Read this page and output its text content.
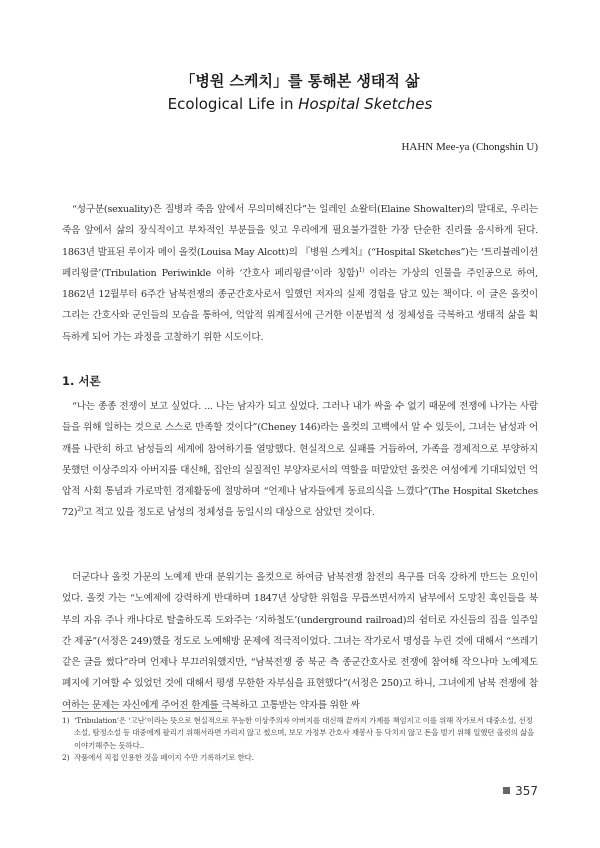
「병원 스케치」를 통해본 생태적 삶
Ecological Life in Hospital Sketches
HAHN Mee-ya (Chongshin U)

“성구분(sexuality)은 질병과 죽음 앞에서 무의미해진다”는 일레인 쇼왈터(Elaine Showalter)의 말대로, 우리는 죽음 앞에서 삶의 장식적이고 부차적인 부분들을 잊고 우리에게 필요불가결한 가장 단순한 진리를 응시하게 된다. 1863년 발표된 루이자 메이 올컷(Louisa May Alcott)의 『병원 스케치』(“Hospital Sketches”)는 ‘트리뷸레이션 페리윙클’(Tribulation Periwinkle 이하 ‘간호사 페리윙클’이라 칭함)$^{1)}$ 이라는 가상의 인물을 주인공으로 하여, 1862년 12월부터 6주간 남북전쟁의 종군간호사로서 일했던 저자의 실제 경험을 담고 있는 책이다. 이 글은 올컷이 그리는 간호사와 군인들의 모습을 통하여, 억압적 위계질서에 근거한 이분법적 성 정체성을 극복하고 생태적 삶을 획득하게 되어 가는 과정을 고찰하기 위한 시도이다.

1. 서론

“나는 종종 전쟁이 보고 싶었다. ... 나는 남자가 되고 싶었다. 그러나 내가 싸울 수 없기 때문에 전쟁에 나가는 사람들을 위해 일하는 것으로 스스로 만족할 것이다”(Cheney 146)라는 올컷의 고백에서 알 수 있듯이, 그녀는 남성과 어깨를 나란히 하고 남성들의 세계에 참여하기를 열망했다. 현실적으로 실패를 거듭하여, 가족을 경제적으로 부양하지 못했던 이상주의자 아버지를 대신해, 집안의 실질적인 부양자로서의 역할을 떠맡았던 올컷은 여성에게 기대되었던 억압적 사회 통념과 가로막힌 경제활동에 절망하며 “언제나 남자들에게 동료의식을 느꼈다”(The Hospital Sketches 72)$^{2)}$고 적고 있을 정도로 남성의 정체성을 동일시의 대상으로 삼았던 것이다.

더군다나 올컷 가문의 노예제 반대 분위기는 올컷으로 하여금 남북전쟁 참전의 욕구를 더욱 강하게 만드는 요인이었다. 올컷 가는 “노예제에 강력하게 반대하며 1847년 상당한 위험을 무릅쓰면서까지 남부에서 도망친 흑인들을 북부의 자유 주나 캐나다로 탈출하도록 도와주는 ‘지하철도’(underground railroad)의 쉼터로 자신들의 집을 일주일 간 제공”(서정은 249)했을 정도로 노예해방 문제에 적극적이었다. 그녀는 작가로서 명성을 누린 것에 대해서 “쓰레기 같은 글을 썼다”라며 언제나 부끄러워했지만, “남북전쟁 중 북군 측 종군간호사로 전쟁에 참여해 작으나마 노예제도 폐지에 기여할 수 있었던 것에 대해서 평생 무한한 자부심을 표현했다”(서정은 250)고 하니, 그녀에게 남북 전쟁에 참여하는 문제는 자신에게 주어진 한계를 극복하고 고통받는 약자를 위한 싸

1) ‘Tribulation’은 ‘고난’이라는 뜻으로 현실적으로 무능한 이상주의자 아버지를 대신해 끝까지 가계를 책임지고 이를 위해 작가로서 대중소설, 선정소설, 탐정소설 등 대중에게 팔리기 위해서라면 가리지 않고 썼으며, 보모 가정부 간호사 재봉사 등 닥치지 않고 돈을 벌기 위해 일했던 올컷의 삶을 이야기해주는 듯하다..

2) 작품에서 직접 인용한 것을 페이지 수만 기록하기로 한다.

357
